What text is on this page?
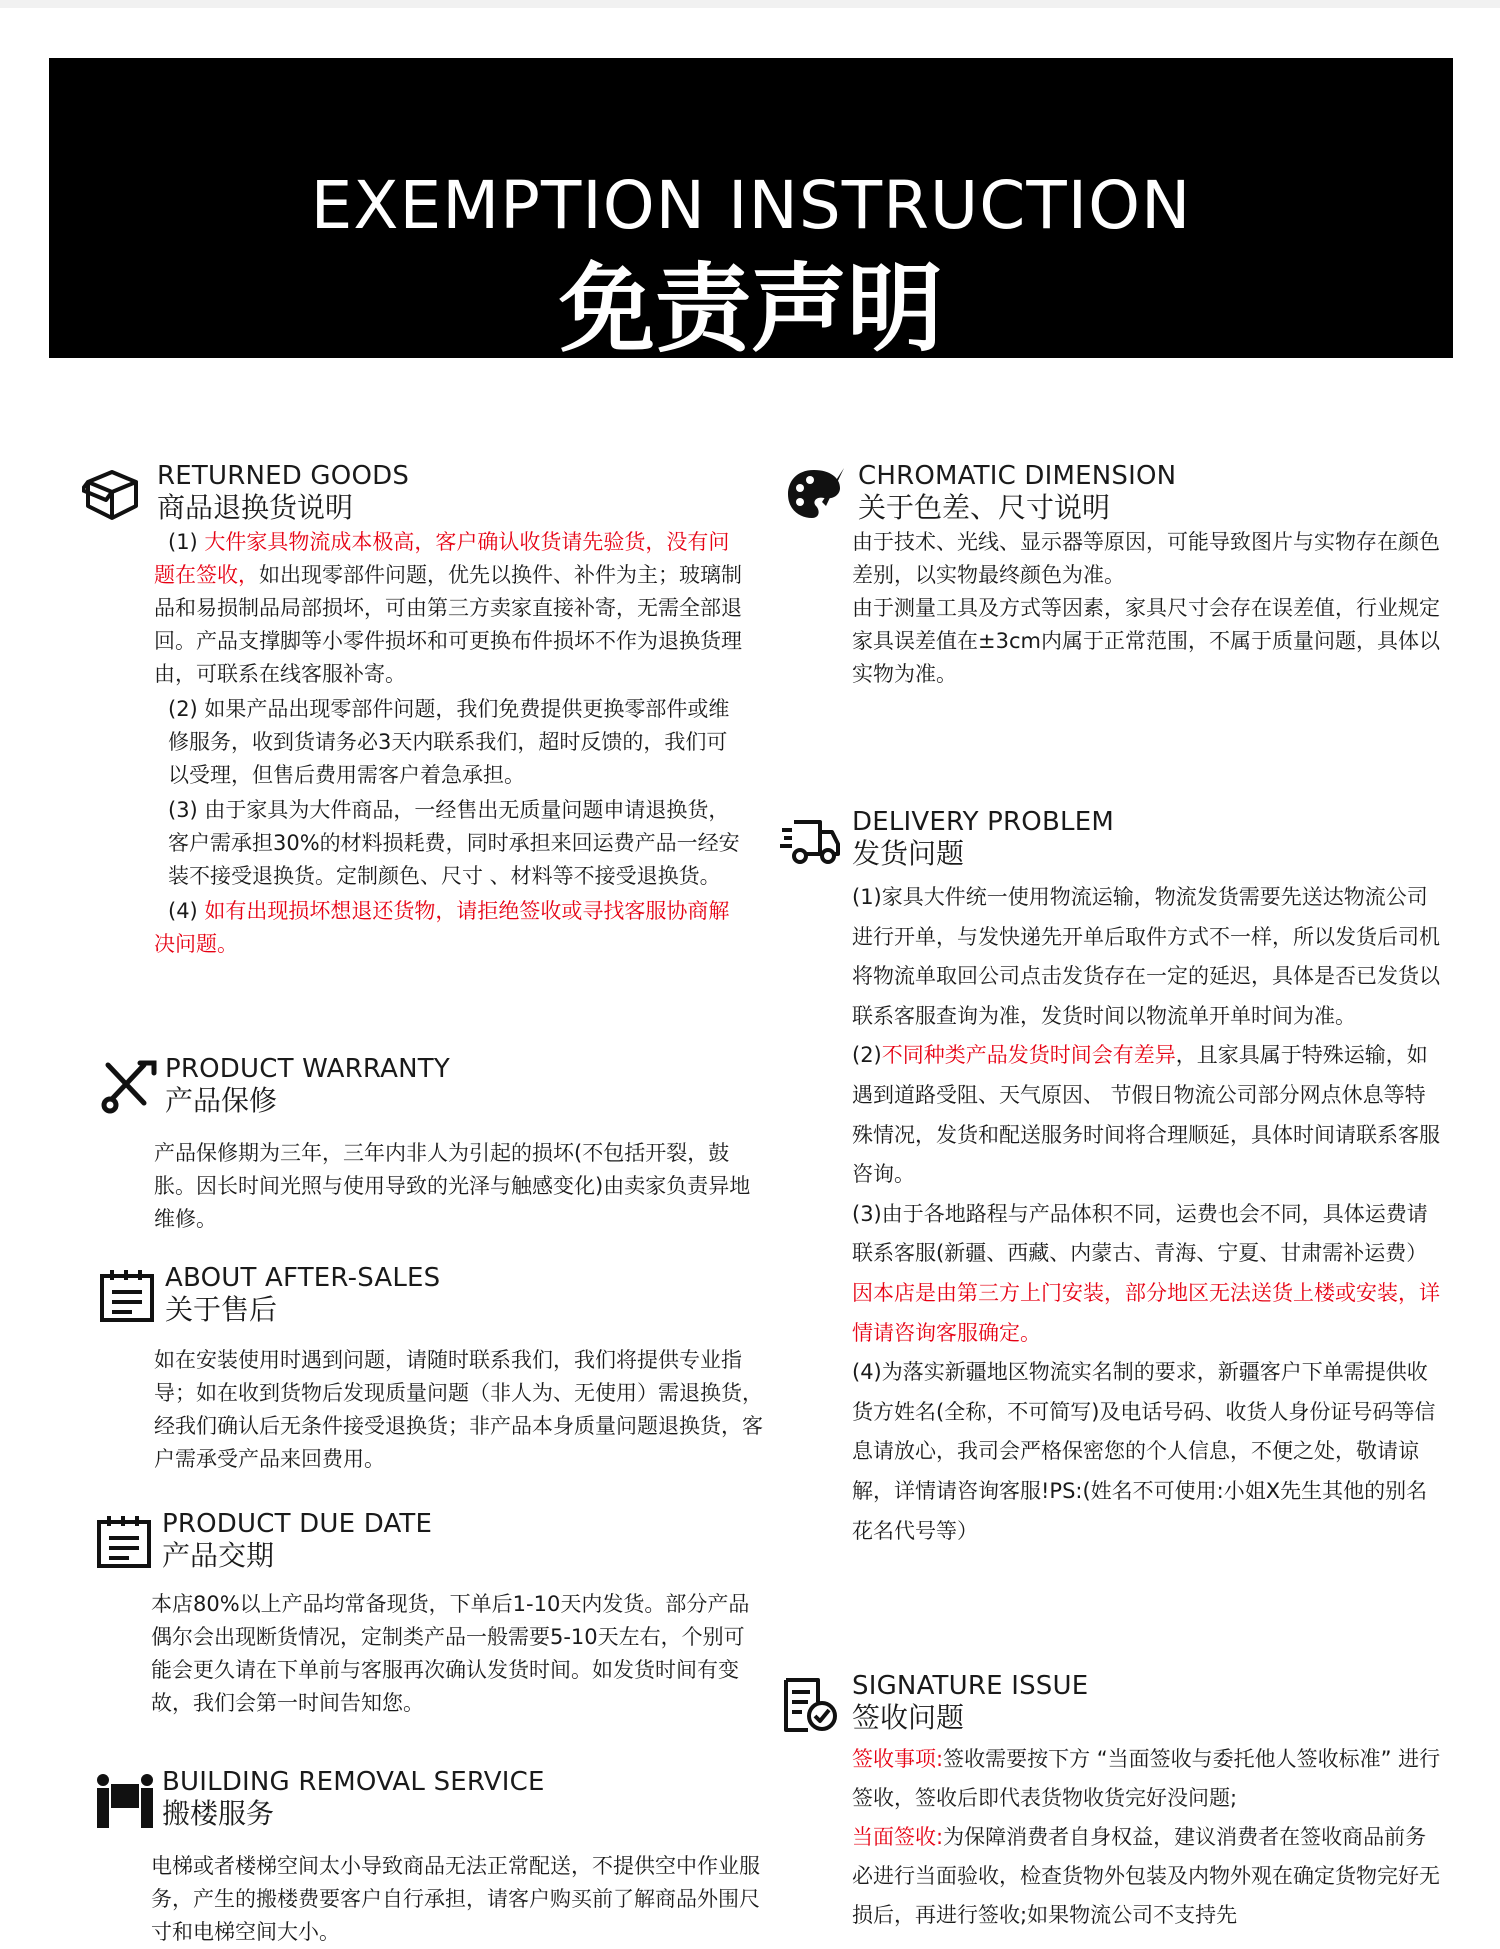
EXEMPTION INSTRUCTION
免责声明
RETURNED GOODS
商品退换货说明

(1) 大件家具物流成本极高，客户确认收货请先验货，没有问题在签收，如出现零部件问题，优先以换件、补件为主；玻璃制品和易损制品局部损坏，可由第三方卖家直接补寄，无需全部退回。产品支撑脚等小零件损坏和可更换布件损坏不作为退换货理由，可联系在线客服补寄。

(2) 如果产品出现零部件问题，我们免费提供更换零部件或维修服务，收到货请务必3天内联系我们，超时反馈的，我们可以受理，但售后费用需客户着急承担。

(3) 由于家具为大件商品，一经售出无质量问题申请退换货，客户需承担30%的材料损耗费，同时承担来回运费产品一经安装不接受退换货。定制颜色、尺寸 、材料等不接受退换货。

(4) 如有出现损坏想退还货物，请拒绝签收或寻找客服协商解决问题。

PRODUCT WARRANTY
产品保修
产品保修期为三年，三年内非人为引起的损坏(不包括开裂，鼓胀。因长时间光照与使用导致的光泽与触感变化)由卖家负责异地维修。
ABOUT AFTER-SALES
关于售后
如在安装使用时遇到问题，请随时联系我们，我们将提供专业指导；如在收到货物后发现质量问题（非人为、无使用）需退换货，经我们确认后无条件接受退换货；非产品本身质量问题退换货，客户需承受产品来回费用。
PRODUCT DUE DATE
产品交期
本店80%以上产品均常备现货，下单后1-10天内发货。部分产品偶尔会出现断货情况，定制类产品一般需要5-10天左右，个别可能会更久请在下单前与客服再次确认发货时间。如发货时间有变故，我们会第一时间告知您。
BUILDING REMOVAL SERVICE
搬楼服务
电梯或者楼梯空间太小导致商品无法正常配送，不提供空中作业服务，产生的搬楼费要客户自行承担，请客户购买前了解商品外围尺寸和电梯空间大小。
CHROMATIC DIMENSION
关于色差、尺寸说明

由于技术、光线、显示器等原因，可能导致图片与实物存在颜色差别，以实物最终颜色为准。

由于测量工具及方式等因素，家具尺寸会存在误差值，行业规定家具误差值在±3cm内属于正常范围，不属于质量问题，具体以实物为准。

DELIVERY PROBLEM
发货问题

(1)家具大件统一使用物流运输，物流发货需要先送达物流公司进行开单，与发快递先开单后取件方式不一样，所以发货后司机将物流单取回公司点击发货存在一定的延迟，具体是否已发货以联系客服查询为准，发货时间以物流单开单时间为准。

(2)不同种类产品发货时间会有差异，且家具属于特殊运输，如遇到道路受阻、天气原因、 节假日物流公司部分网点休息等特殊情况，发货和配送服务时间将合理顺延，具体时间请联系客服咨询。

(3)由于各地路程与产品体积不同，运费也会不同，具体运费请联系客服(新疆、西藏、内蒙古、青海、宁夏、甘肃需补运费）因本店是由第三方上门安装，部分地区无法送货上楼或安装，详情请咨询客服确定。

(4)为落实新疆地区物流实名制的要求，新疆客户下单需提供收货方姓名(全称，不可简写)及电话号码、收货人身份证号码等信息请放心，我司会严格保密您的个人信息，不便之处，敬请谅解，详情请咨询客服!PS:(姓名不可使用:小姐X先生其他的别名花名代号等）

SIGNATURE ISSUE
签收问题

签收事项:签收需要按下方 “当面签收与委托他人签收标准” 进行签收，签收后即代表货物收货完好没问题;

当面签收:为保障消费者自身权益，建议消费者在签收商品前务必进行当面验收，检查货物外包装及内物外观在确定货物完好无损后，再进行签收;如果物流公司不支持先
